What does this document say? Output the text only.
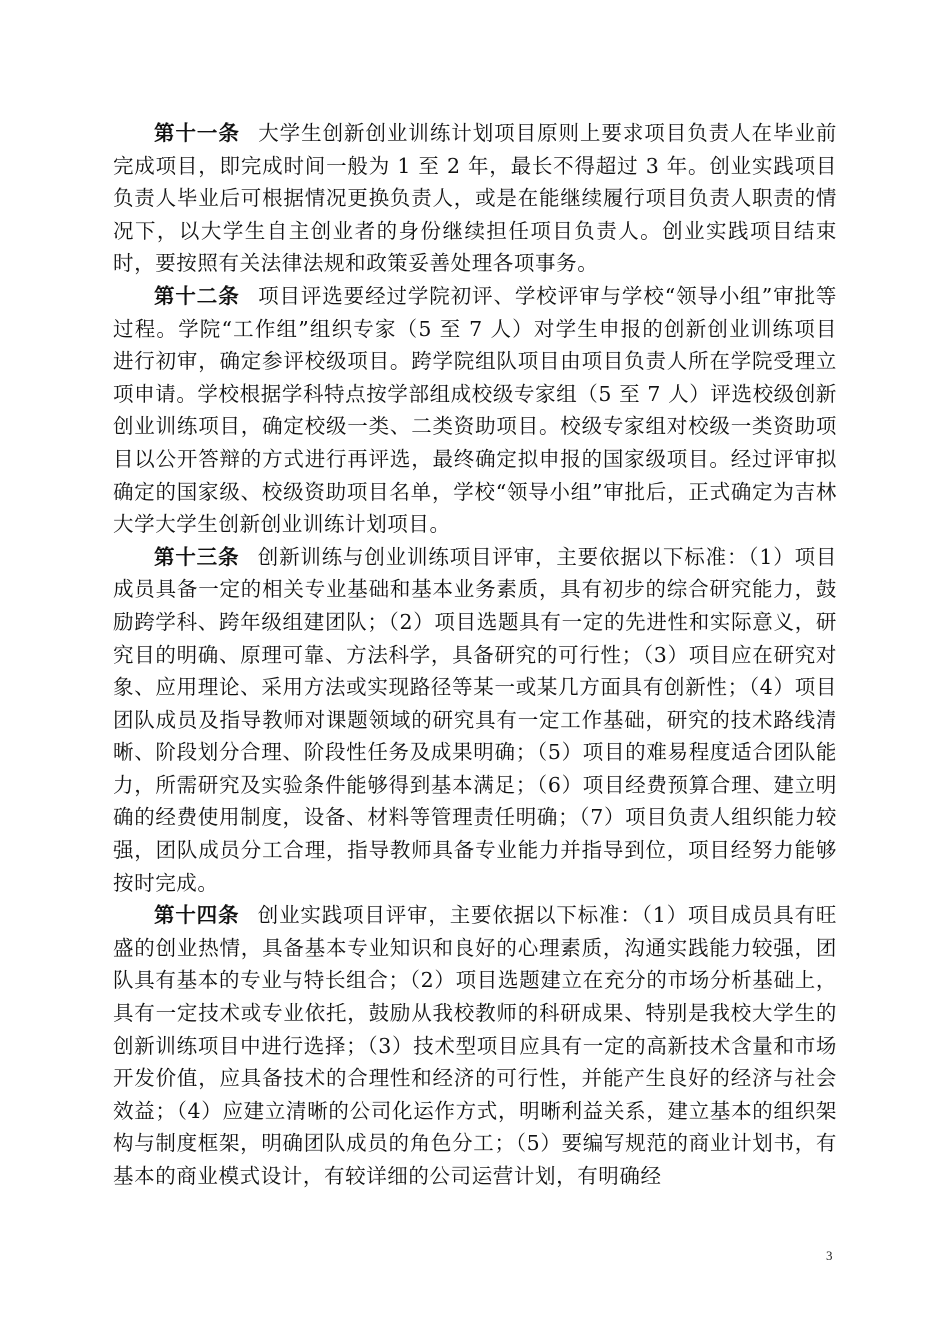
第十一条 大学生创新创业训练计划项目原则上要求项目负责人在毕业前完成项目，即完成时间一般为 1 至 2 年，最长不得超过 3 年。创业实践项目负责人毕业后可根据情况更换负责人，或是在能继续履行项目负责人职责的情况下，以大学生自主创业者的身份继续担任项目负责人。创业实践项目结束时，要按照有关法律法规和政策妥善处理各项事务。

第十二条 项目评选要经过学院初评、学校评审与学校“领导小组”审批等过程。学院“工作组”组织专家（5 至 7 人）对学生申报的创新创业训练项目进行初审，确定参评校级项目。跨学院组队项目由项目负责人所在学院受理立项申请。学校根据学科特点按学部组成校级专家组（5 至 7 人）评选校级创新创业训练项目，确定校级一类、二类资助项目。校级专家组对校级一类资助项目以公开答辩的方式进行再评选，最终确定拟申报的国家级项目。经过评审拟确定的国家级、校级资助项目名单，学校“领导小组”审批后，正式确定为吉林大学大学生创新创业训练计划项目。

第十三条 创新训练与创业训练项目评审，主要依据以下标准：（1）项目成员具备一定的相关专业基础和基本业务素质，具有初步的综合研究能力，鼓励跨学科、跨年级组建团队；（2）项目选题具有一定的先进性和实际意义，研究目的明确、原理可靠、方法科学，具备研究的可行性；（3）项目应在研究对象、应用理论、采用方法或实现路径等某一或某几方面具有创新性；（4）项目团队成员及指导教师对课题领域的研究具有一定工作基础，研究的技术路线清晰、阶段划分合理、阶段性任务及成果明确；（5）项目的难易程度适合团队能力，所需研究及实验条件能够得到基本满足；（6）项目经费预算合理、建立明确的经费使用制度，设备、材料等管理责任明确；（7）项目负责人组织能力较强，团队成员分工合理，指导教师具备专业能力并指导到位，项目经努力能够按时完成。

第十四条 创业实践项目评审，主要依据以下标准：（1）项目成员具有旺盛的创业热情，具备基本专业知识和良好的心理素质，沟通实践能力较强，团队具有基本的专业与特长组合；（2）项目选题建立在充分的市场分析基础上，具有一定技术或专业依托，鼓励从我校教师的科研成果、特别是我校大学生的创新训练项目中进行选择；（3）技术型项目应具有一定的高新技术含量和市场开发价值，应具备技术的合理性和经济的可行性，并能产生良好的经济与社会效益；（4）应建立清晰的公司化运作方式，明晰利益关系，建立基本的组织架构与制度框架，明确团队成员的角色分工；（5）要编写规范的商业计划书，有基本的商业模式设计，有较详细的公司运营计划，有明确经

3
